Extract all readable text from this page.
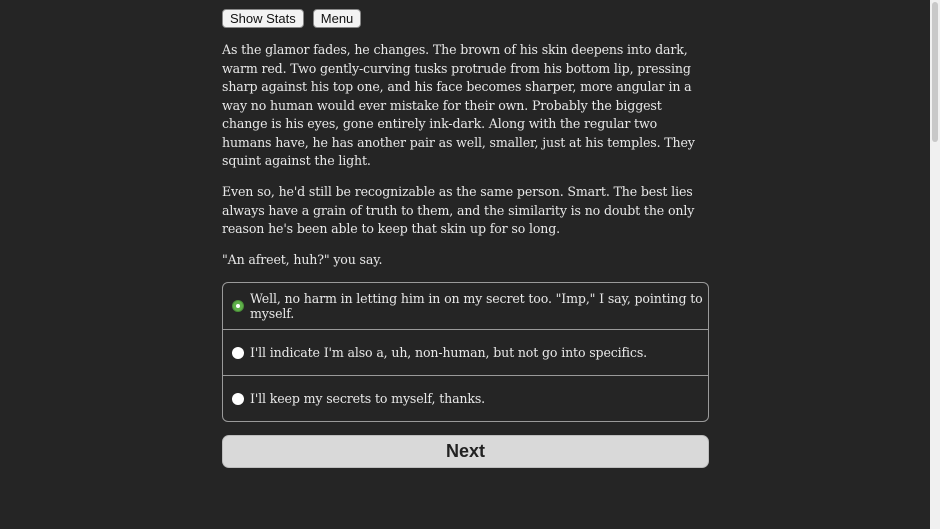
Show Stats	Menu

As the glamor fades, he changes. The brown of his skin deepens into dark, warm red. Two gently-curving tusks protrude from his bottom lip, pressing sharp against his top one, and his face becomes sharper, more angular in a way no human would ever mistake for their own. Probably the biggest change is his eyes, gone entirely ink-dark. Along with the regular two humans have, he has another pair as well, smaller, just at his temples. They squint against the light.

Even so, he'd still be recognizable as the same person. Smart. The best lies always have a grain of truth to them, and the similarity is no doubt the only reason he's been able to keep that skin up for so long.

"An afreet, huh?" you say.

Well, no harm in letting him in on my secret too. "Imp," I say, pointing to myself.
I'll indicate I'm also a, uh, non-human, but not go into specifics.
I'll keep my secrets to myself, thanks.
Next
